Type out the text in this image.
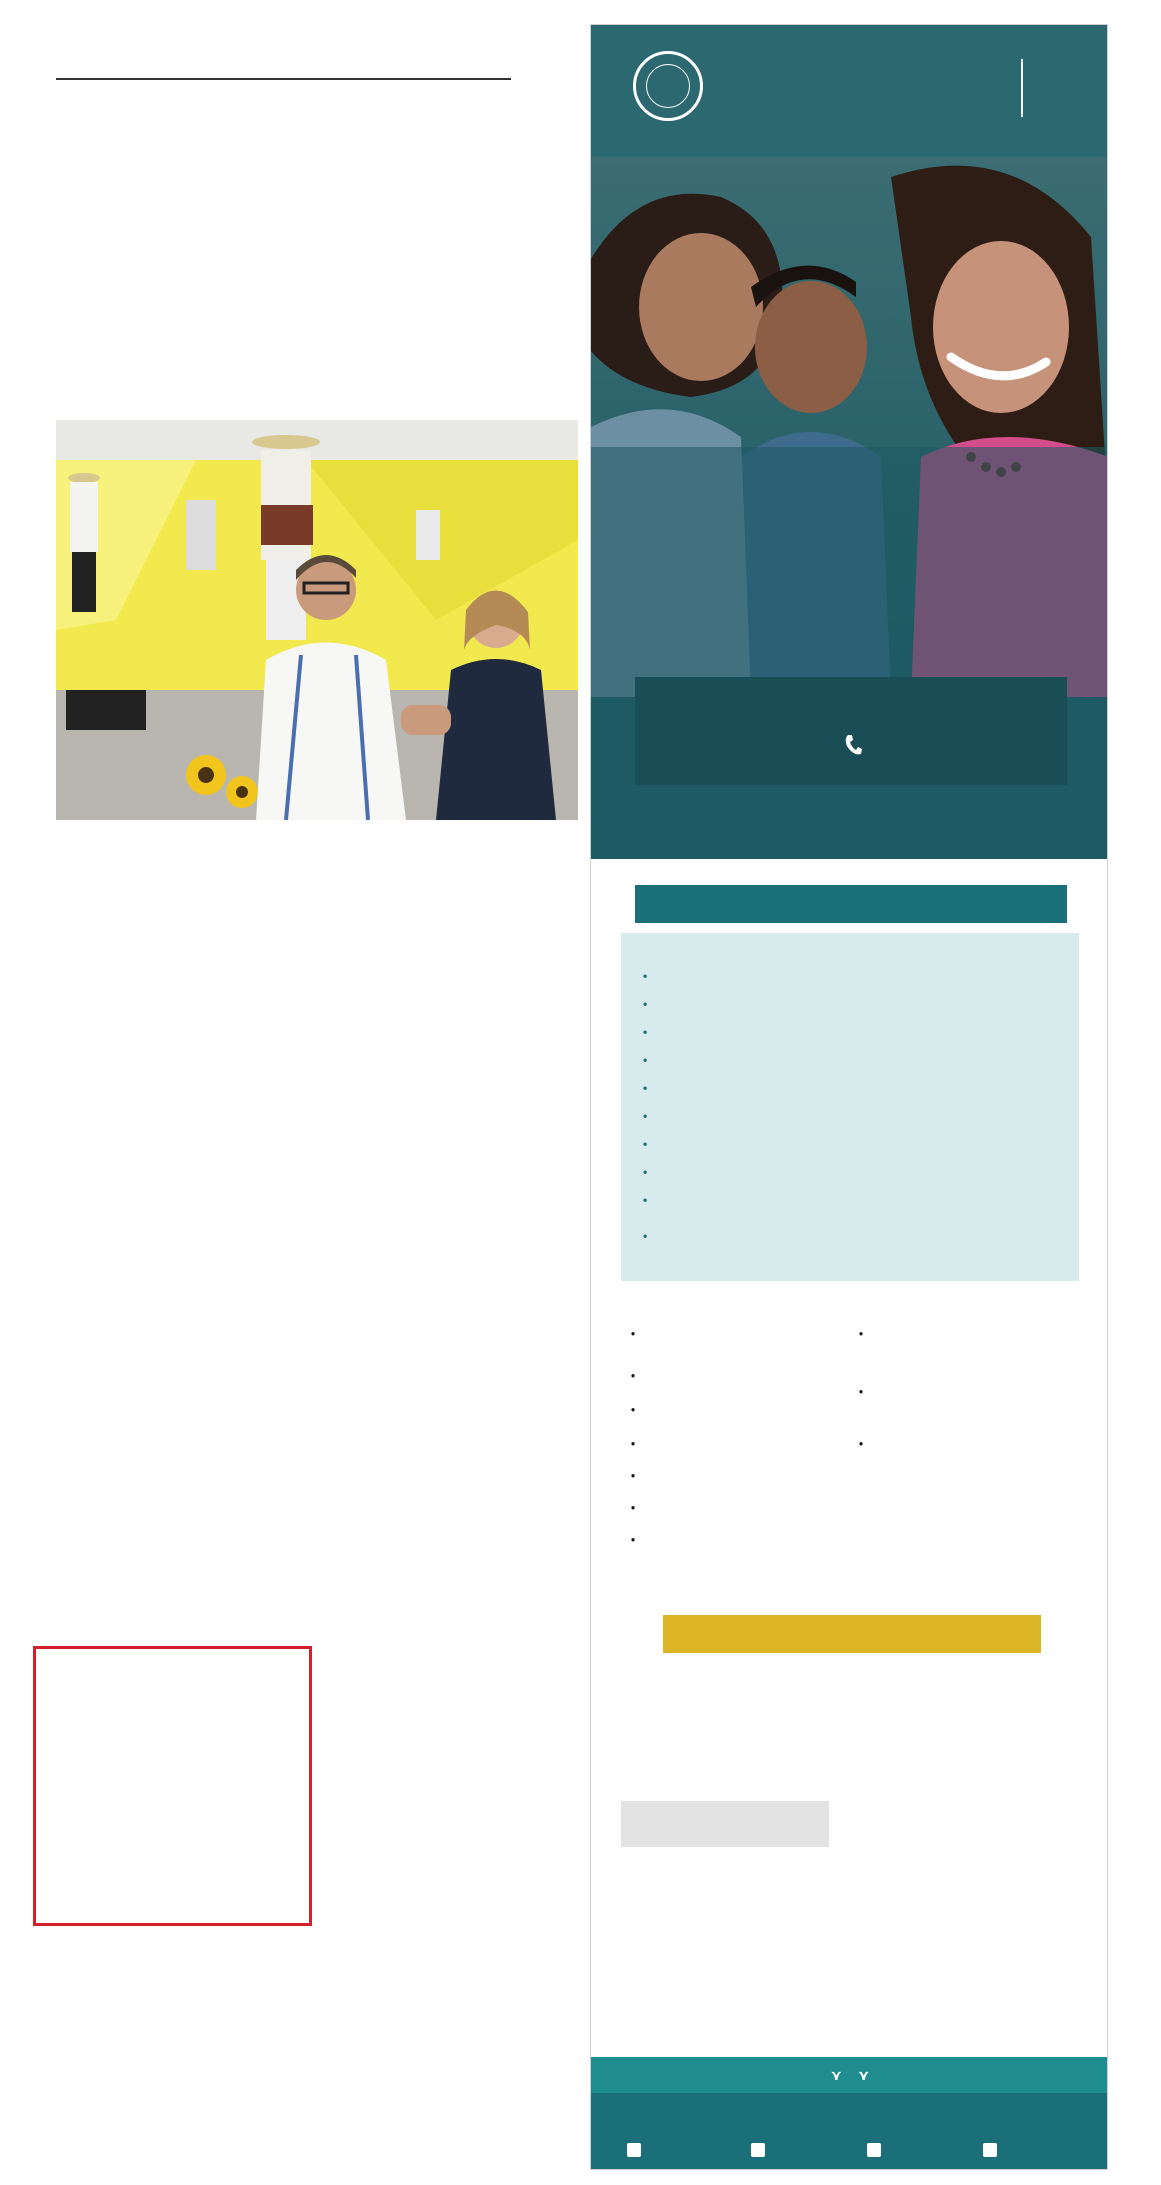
•
•
•
•
•
•
•
•
•
•
•
•
•
•
•
•
•
•
•
•
⋎ ⋎
